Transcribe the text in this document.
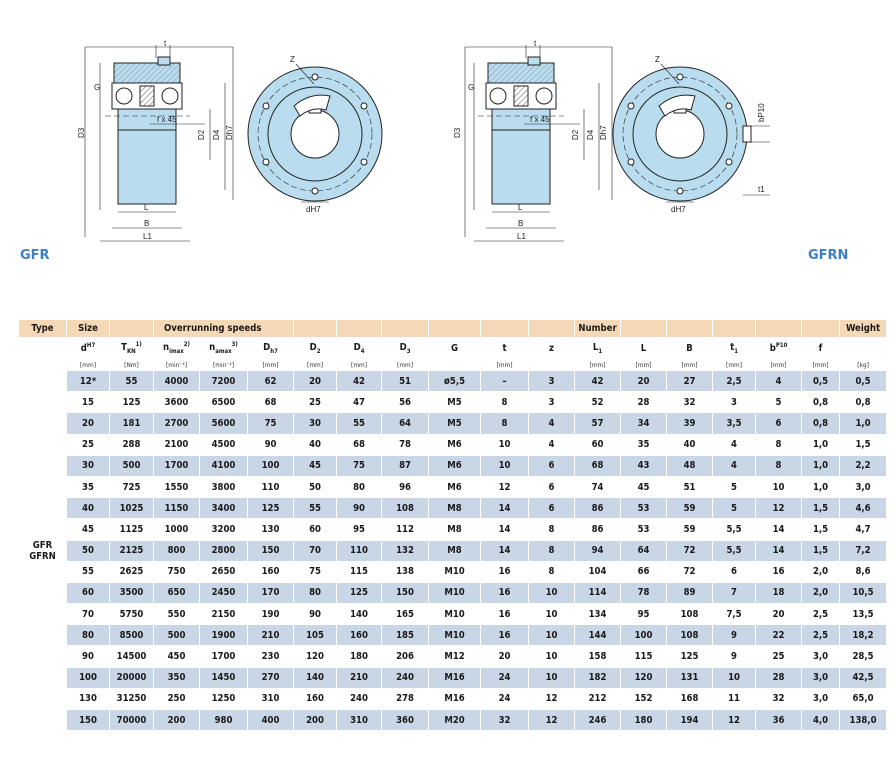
t
G
D3	D2 D4 Dh7
f x 45
L
B
L1
Z
dH7
t
G
D3	D2 D4 Dh7
f x 45
L
B
L1
Z
dH7
bP10
t1
GFR	GFRN
Type	Size		Overrunning speeds									Number						Weight
	$d^{H7}$	$T_{KN}^{1)}$	$n_{imax}^{2)}$	$n_{amax}^{3)}$	$D_{h7}$	$D_2$	$D_4$	$D_3$	G	t	z	$L_1$	L	B	$t_1$	$b^{P10}$	f	
	[mm]	[Nm]	[min⁻¹]	[min⁻¹]	[mm]	[mm]	[mm]	[mm]		[mm]		[mm]	[mm]	[mm]	[mm]	[mm]	[mm]	[kg]
GFR
GFRN	12*	55	4000	7200	62	20	42	51	ø5,5	–	3	42	20	27	2,5	4	0,5	0,5
	15	125	3600	6500	68	25	47	56	M5	8	3	52	28	32	3	5	0,8	0,8
	20	181	2700	5600	75	30	55	64	M5	8	4	57	34	39	3,5	6	0,8	1,0
	25	288	2100	4500	90	40	68	78	M6	10	4	60	35	40	4	8	1,0	1,5
	30	500	1700	4100	100	45	75	87	M6	10	6	68	43	48	4	8	1,0	2,2
	35	725	1550	3800	110	50	80	96	M6	12	6	74	45	51	5	10	1,0	3,0
	40	1025	1150	3400	125	55	90	108	M8	14	6	86	53	59	5	12	1,5	4,6
	45	1125	1000	3200	130	60	95	112	M8	14	8	86	53	59	5,5	14	1,5	4,7
	50	2125	800	2800	150	70	110	132	M8	14	8	94	64	72	5,5	14	1,5	7,2
	55	2625	750	2650	160	75	115	138	M10	16	8	104	66	72	6	16	2,0	8,6
	60	3500	650	2450	170	80	125	150	M10	16	10	114	78	89	7	18	2,0	10,5
	70	5750	550	2150	190	90	140	165	M10	16	10	134	95	108	7,5	20	2,5	13,5
	80	8500	500	1900	210	105	160	185	M10	16	10	144	100	108	9	22	2,5	18,2
	90	14500	450	1700	230	120	180	206	M12	20	10	158	115	125	9	25	3,0	28,5
	100	20000	350	1450	270	140	210	240	M16	24	10	182	120	131	10	28	3,0	42,5
	130	31250	250	1250	310	160	240	278	M16	24	12	212	152	168	11	32	3,0	65,0
	150	70000	200	980	400	200	310	360	M20	32	12	246	180	194	12	36	4,0	138,0
